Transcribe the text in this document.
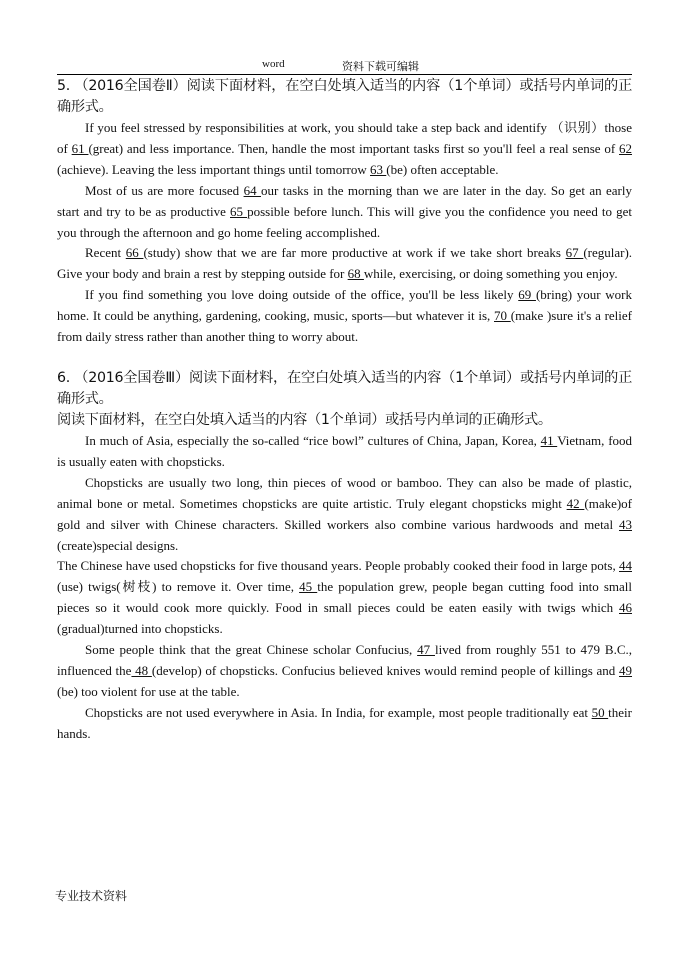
word	资料下载可编辑

5. （2016全国卷Ⅱ）阅读下面材料，在空白处填入适当的内容（1个单词）或括号内单词的正确形式。

If you feel stressed by responsibilities at work, you should take a step back and identify （识别）those of 61 (great) and less importance. Then, handle the most important tasks first so you'll feel a real sense of 62 (achieve). Leaving the less important things until tomorrow 63 (be) often acceptable.

Most of us are more focused 64 our tasks in the morning than we are later in the day. So get an early start and try to be as productive 65 possible before lunch. This will give you the confidence you need to get you through the afternoon and go home feeling accomplished.

Recent 66 (study) show that we are far more productive at work if we take short breaks 67 (regular). Give your body and brain a rest by stepping outside for 68 while, exercising, or doing something you enjoy.

If you find something you love doing outside of the office, you'll be less likely 69 (bring) your work home. It could be anything, gardening, cooking, music, sports—but whatever it is, 70 (make )sure it's a relief from daily stress rather than another thing to worry about.

6. （2016全国卷Ⅲ）阅读下面材料，在空白处填入适当的内容（1个单词）或括号内单词的正确形式。

阅读下面材料，在空白处填入适当的内容（1个单词）或括号内单词的正确形式。

In much of Asia, especially the so-called “rice bowl” cultures of China, Japan, Korea, 41 Vietnam, food is usually eaten with chopsticks.

Chopsticks are usually two long, thin pieces of wood or bamboo. They can also be made of plastic, animal bone or metal. Sometimes chopsticks are quite artistic. Truly elegant chopsticks might 42 (make)of gold and silver with Chinese characters. Skilled workers also combine various hardwoods and metal 43 (create)special designs.

The Chinese have used chopsticks for five thousand years. People probably cooked their food in large pots, 44 (use) twigs(树枝) to remove it. Over time, 45 the population grew, people began cutting food into small pieces so it would cook more quickly. Food in small pieces could be eaten easily with twigs which 46 (gradual)turned into chopsticks.

Some people think that the great Chinese scholar Confucius, 47 lived from roughly 551 to 479 B.C., influenced the 48 (develop) of chopsticks. Confucius believed knives would remind people of killings and 49 (be) too violent for use at the table.

Chopsticks are not used everywhere in Asia. In India, for example, most people traditionally eat 50 their hands.

专业技术资料
